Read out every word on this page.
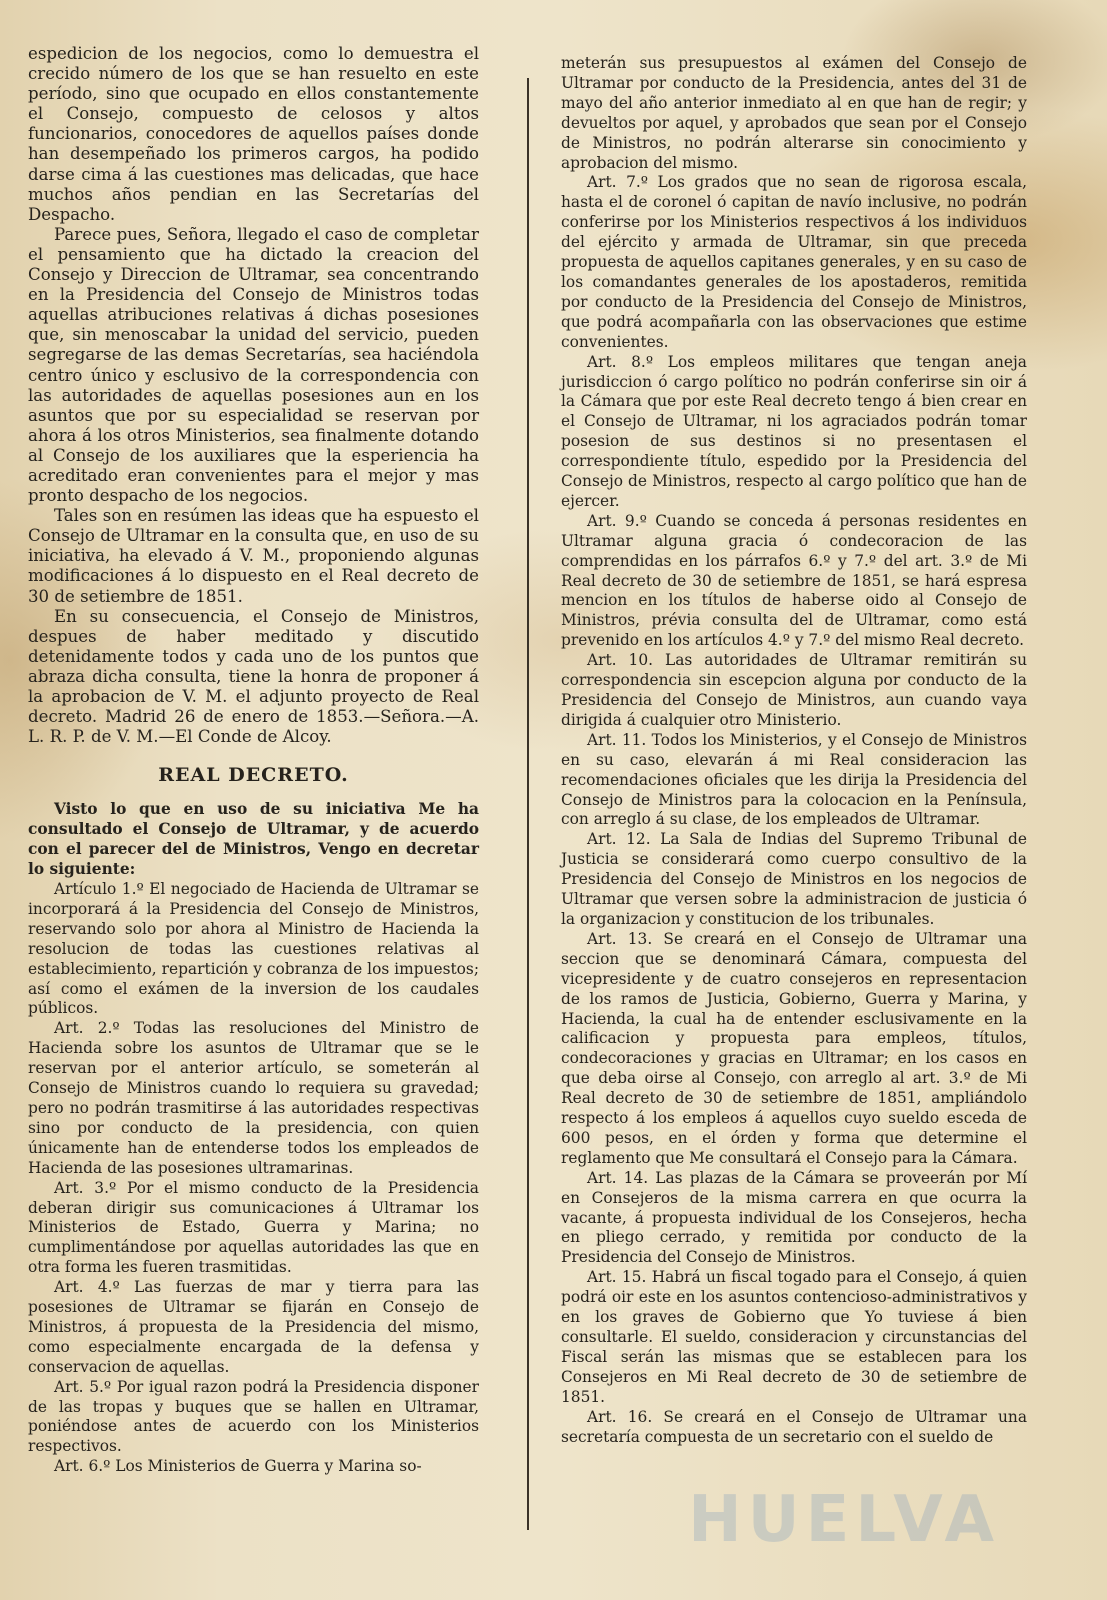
espedicion de los negocios, como lo demuestra el crecido número de los que se han resuelto en este período, sino que ocupado en ellos constantemente el Consejo, compuesto de celosos y altos funcionarios, conocedores de aquellos países donde han desempeñado los primeros cargos, ha podido darse cima á las cuestiones mas delicadas, que hace muchos años pendian en las Secretarías del Despacho.

Parece pues, Señora, llegado el caso de completar el pensamiento que ha dictado la creacion del Consejo y Direccion de Ultramar, sea concentrando en la Presidencia del Consejo de Ministros todas aquellas atribuciones relativas á dichas posesiones que, sin menoscabar la unidad del servicio, pueden segregarse de las demas Secretarías, sea haciéndola centro único y esclusivo de la correspondencia con las autoridades de aquellas posesiones aun en los asuntos que por su especialidad se reservan por ahora á los otros Ministerios, sea finalmente dotando al Consejo de los auxiliares que la esperiencia ha acreditado eran convenientes para el mejor y mas pronto despacho de los negocios.

Tales son en resúmen las ideas que ha espuesto el Consejo de Ultramar en la consulta que, en uso de su iniciativa, ha elevado á V. M., proponiendo algunas modificaciones á lo dispuesto en el Real decreto de 30 de setiembre de 1851.

En su consecuencia, el Consejo de Ministros, despues de haber meditado y discutido detenidamente todos y cada uno de los puntos que abraza dicha consulta, tiene la honra de proponer á la aprobacion de V. M. el adjunto proyecto de Real decreto. Madrid 26 de enero de 1853.—Señora.—A. L. R. P. de V. M.—El Conde de Alcoy.

REAL DECRETO.

Visto lo que en uso de su iniciativa Me ha consultado el Consejo de Ultramar, y de acuerdo con el parecer del de Ministros, Vengo en decretar lo siguiente:

Artículo 1.º El negociado de Hacienda de Ultramar se incorporará á la Presidencia del Consejo de Ministros, reservando solo por ahora al Ministro de Hacienda la resolucion de todas las cuestiones relativas al establecimiento, repartición y cobranza de los impuestos; así como el exámen de la inversion de los caudales públicos.

Art. 2.º Todas las resoluciones del Ministro de Hacienda sobre los asuntos de Ultramar que se le reservan por el anterior artículo, se someterán al Consejo de Ministros cuando lo requiera su gravedad; pero no podrán trasmitirse á las autoridades respectivas sino por conducto de la presidencia, con quien únicamente han de entenderse todos los empleados de Hacienda de las posesiones ultramarinas.

Art. 3.º Por el mismo conducto de la Presidencia deberan dirigir sus comunicaciones á Ultramar los Ministerios de Estado, Guerra y Marina; no cumplimentándose por aquellas autoridades las que en otra forma les fueren trasmitidas.

Art. 4.º Las fuerzas de mar y tierra para las posesiones de Ultramar se fijarán en Consejo de Ministros, á propuesta de la Presidencia del mismo, como especialmente encargada de la defensa y conservacion de aquellas.

Art. 5.º Por igual razon podrá la Presidencia disponer de las tropas y buques que se hallen en Ultramar, poniéndose antes de acuerdo con los Ministerios respectivos.

Art. 6.º Los Ministerios de Guerra y Marina so-

meterán sus presupuestos al exámen del Consejo de Ultramar por conducto de la Presidencia, antes del 31 de mayo del año anterior inmediato al en que han de regir; y devueltos por aquel, y aprobados que sean por el Consejo de Ministros, no podrán alterarse sin conocimiento y aprobacion del mismo.

Art. 7.º Los grados que no sean de rigorosa escala, hasta el de coronel ó capitan de navío inclusive, no podrán conferirse por los Ministerios respectivos á los individuos del ejército y armada de Ultramar, sin que preceda propuesta de aquellos capitanes generales, y en su caso de los comandantes generales de los apostaderos, remitida por conducto de la Presidencia del Consejo de Ministros, que podrá acompañarla con las observaciones que estime convenientes.

Art. 8.º Los empleos militares que tengan aneja jurisdiccion ó cargo político no podrán conferirse sin oir á la Cámara que por este Real decreto tengo á bien crear en el Consejo de Ultramar, ni los agraciados podrán tomar posesion de sus destinos si no presentasen el correspondiente título, espedido por la Presidencia del Consejo de Ministros, respecto al cargo político que han de ejercer.

Art. 9.º Cuando se conceda á personas residentes en Ultramar alguna gracia ó condecoracion de las comprendidas en los párrafos 6.º y 7.º del art. 3.º de Mi Real decreto de 30 de setiembre de 1851, se hará espresa mencion en los títulos de haberse oido al Consejo de Ministros, prévia consulta del de Ultramar, como está prevenido en los artículos 4.º y 7.º del mismo Real decreto.

Art. 10. Las autoridades de Ultramar remitirán su correspondencia sin escepcion alguna por conducto de la Presidencia del Consejo de Ministros, aun cuando vaya dirigida á cualquier otro Ministerio.

Art. 11. Todos los Ministerios, y el Consejo de Ministros en su caso, elevarán á mi Real consideracion las recomendaciones oficiales que les dirija la Presidencia del Consejo de Ministros para la colocacion en la Península, con arreglo á su clase, de los empleados de Ultramar.

Art. 12. La Sala de Indias del Supremo Tribunal de Justicia se considerará como cuerpo consultivo de la Presidencia del Consejo de Ministros en los negocios de Ultramar que versen sobre la administracion de justicia ó la organizacion y constitucion de los tribunales.

Art. 13. Se creará en el Consejo de Ultramar una seccion que se denominará Cámara, compuesta del vicepresidente y de cuatro consejeros en representacion de los ramos de Justicia, Gobierno, Guerra y Marina, y Hacienda, la cual ha de entender esclusivamente en la calificacion y propuesta para empleos, títulos, condecoraciones y gracias en Ultramar; en los casos en que deba oirse al Consejo, con arreglo al art. 3.º de Mi Real decreto de 30 de setiembre de 1851, ampliándolo respecto á los empleos á aquellos cuyo sueldo esceda de 600 pesos, en el órden y forma que determine el reglamento que Me consultará el Consejo para la Cámara.

Art. 14. Las plazas de la Cámara se proveerán por Mí en Consejeros de la misma carrera en que ocurra la vacante, á propuesta individual de los Consejeros, hecha en pliego cerrado, y remitida por conducto de la Presidencia del Consejo de Ministros.

Art. 15. Habrá un fiscal togado para el Consejo, á quien podrá oir este en los asuntos contencioso-administrativos y en los graves de Gobierno que Yo tuviese á bien consultarle. El sueldo, consideracion y circunstancias del Fiscal serán las mismas que se establecen para los Consejeros en Mi Real decreto de 30 de setiembre de 1851.

Art. 16. Se creará en el Consejo de Ultramar una secretaría compuesta de un secretario con el sueldo de

HUELVA
